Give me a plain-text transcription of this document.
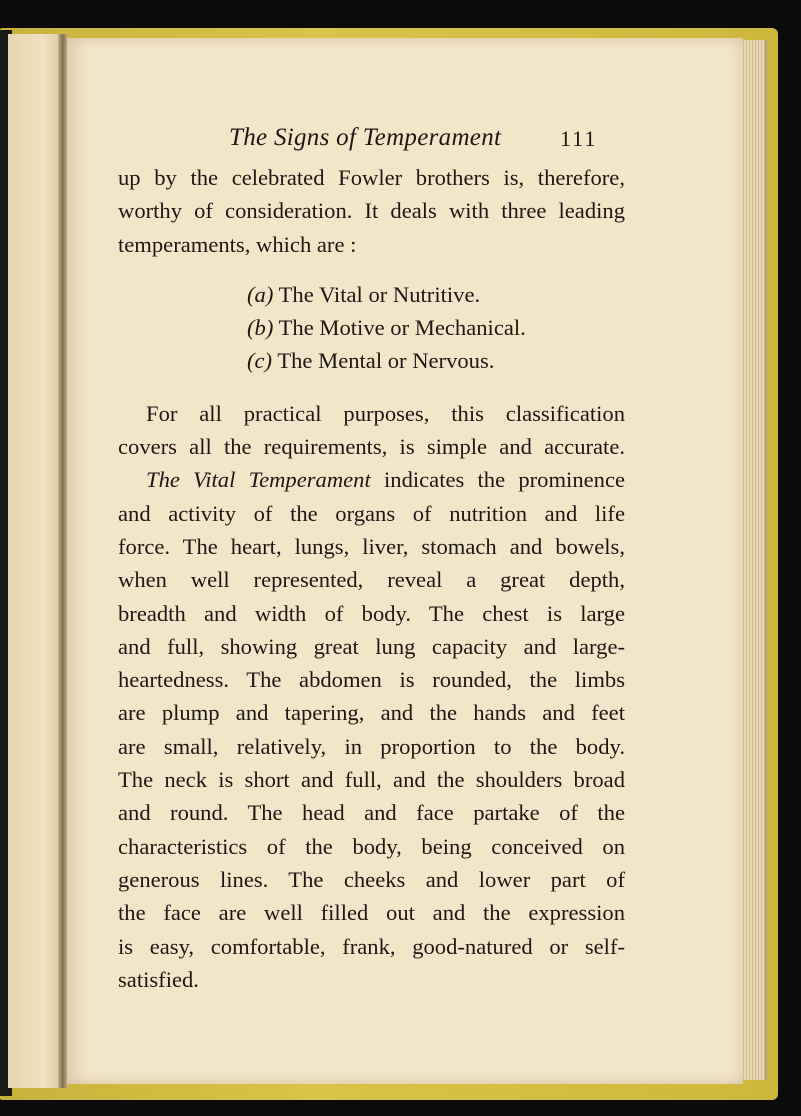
The Signs of Temperament	111
up by the celebrated Fowler brothers is, therefore,
worthy of consideration. It deals with three leading
temperaments, which are :
(a) The Vital or Nutritive.
(b) The Motive or Mechanical.
(c) The Mental or Nervous.
For all practical purposes, this classification
covers all the requirements, is simple and accurate.
The Vital Temperament indicates the prominence
and activity of the organs of nutrition and life
force. The heart, lungs, liver, stomach and bowels,
when well represented, reveal a great depth,
breadth and width of body. The chest is large
and full, showing great lung capacity and large-
heartedness. The abdomen is rounded, the limbs
are plump and tapering, and the hands and feet
are small, relatively, in proportion to the body.
The neck is short and full, and the shoulders broad
and round. The head and face partake of the
characteristics of the body, being conceived on
generous lines. The cheeks and lower part of
the face are well filled out and the expression
is easy, comfortable, frank, good-natured or self-
satisfied.
